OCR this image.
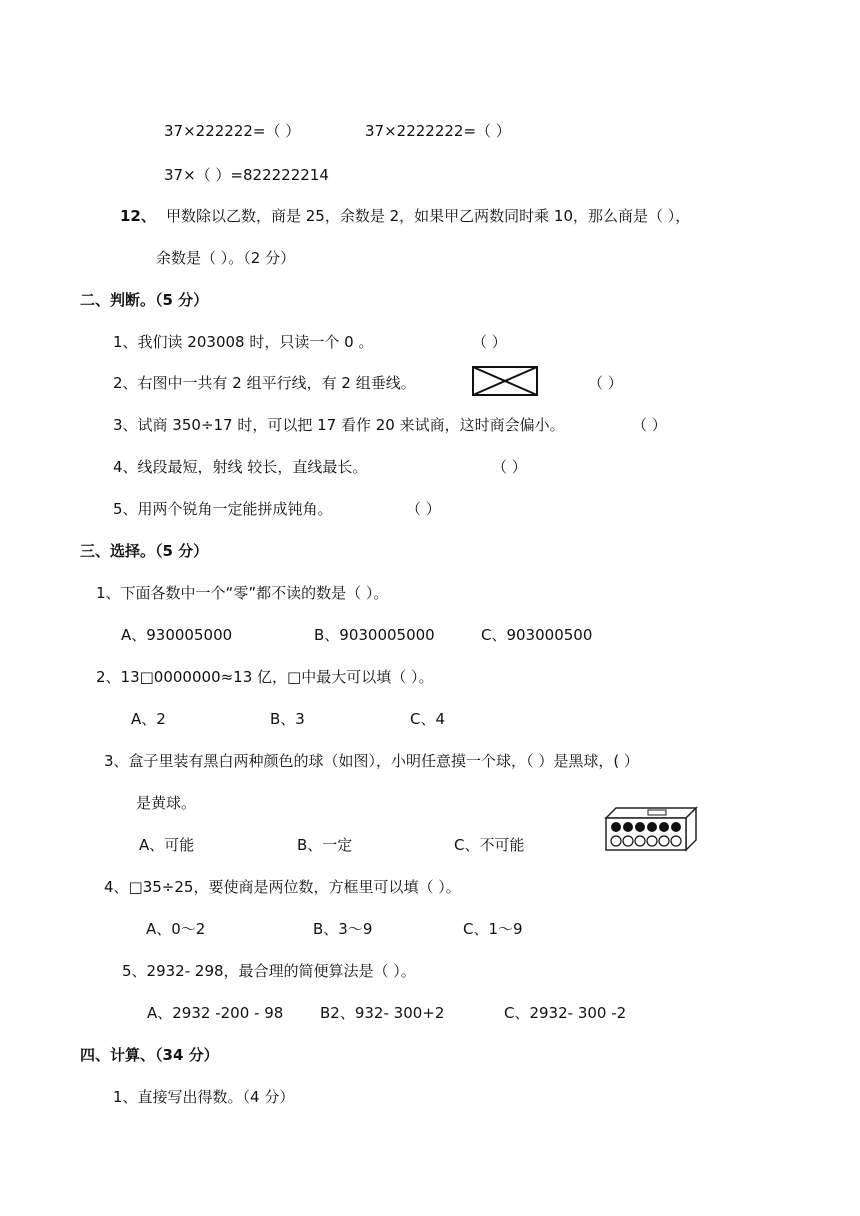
37×222222=（ ）	37×2222222=（ ）
37×（ ）=822222214
12、 甲数除以乙数，商是 25，余数是 2，如果甲乙两数同时乘 10，那么商是（ ），
余数是（ ）。（2 分）
二、判断。（5 分）
1、我们读 203008 时，只读一个 0 。	（ ）
2、右图中一共有 2 组平行线，有 2 组垂线。	（ ）
3、试商 350÷17 时，可以把 17 看作 20 来试商，这时商会偏小。	（ ）
4、线段最短，射线 较长，直线最长。	（ ）
5、用两个锐角一定能拼成钝角。	（ ）
三、选择。（5 分）
1、下面各数中一个“零”都不读的数是（ ）。
A、930005000	B、9030005000	C、903000500
2、13□0000000≈13 亿，□中最大可以填（ ）。
A、2	B、3	C、4
3、盒子里装有黑白两种颜色的球（如图），小明任意摸一个球，（ ）是黑球，( ）
是黄球。
A、可能	B、一定	C、不可能
4、□35÷25，要使商是两位数，方框里可以填（ ）。
A、0～2	B、3～9	C、1～9
5、2932- 298，最合理的简便算法是（ ）。
A、2932 -200 - 98 B2、932- 300+2	C、2932- 300 -2
四、计算、（34 分）
1、直接写出得数。（4 分）
